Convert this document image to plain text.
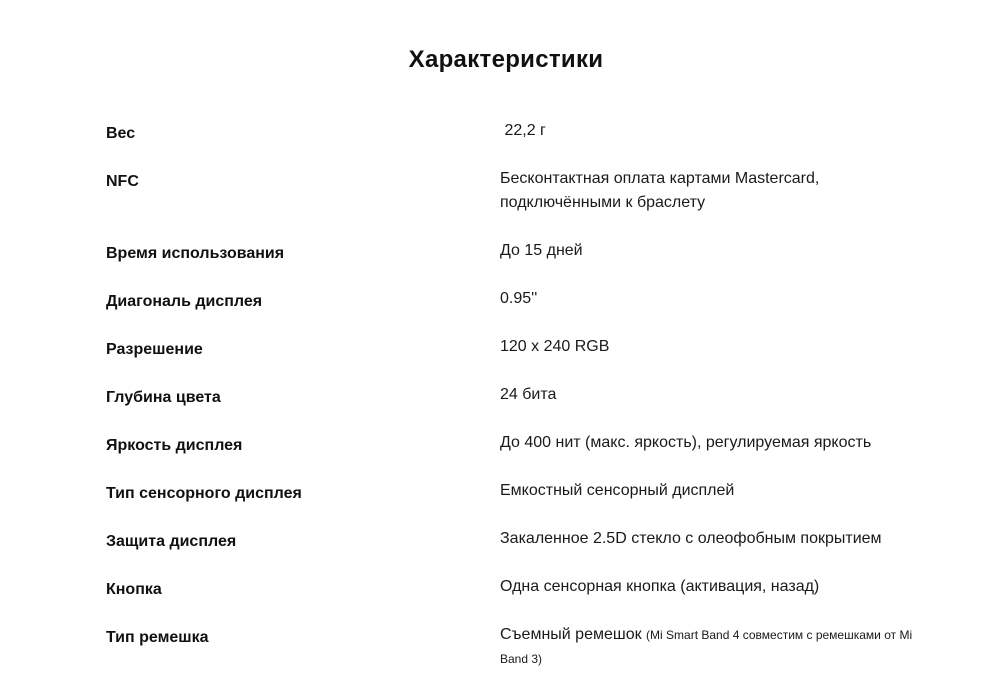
Характеристики
Вес	22,2 г
NFC	Бесконтактная оплата картами Mastercard, подключёнными к браслету
Время использования	До 15 дней
Диагональ дисплея	0.95''
Разрешение	120 x 240 RGB
Глубина цвета	24 бита
Яркость дисплея	До 400 нит (макс. яркость), регулируемая яркость
Тип сенсорного дисплея	Емкостный сенсорный дисплей
Защита дисплея	Закаленное 2.5D стекло с олеофобным покрытием
Кнопка	Одна сенсорная кнопка (активация, назад)
Тип ремешка	Съемный ремешок (Mi Smart Band 4 совместим с ремешками от Mi Band 3)
